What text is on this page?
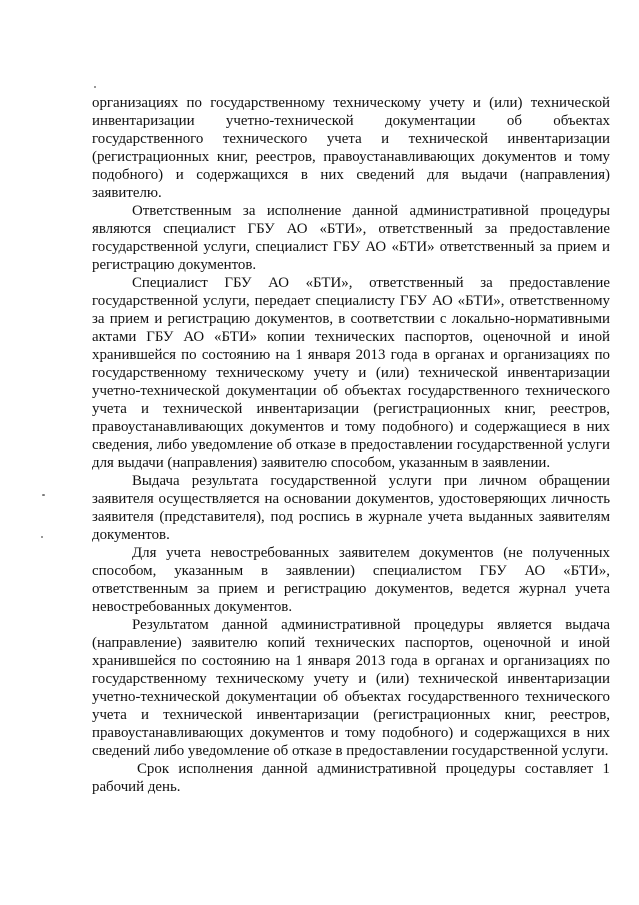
организациях по государственному техническому учету и (или) технической инвентаризации учетно-технической документации об объектах государственного технического учета и технической инвентаризации (регистрационных книг, реестров, правоустанавливающих документов и тому подобного) и содержащихся в них сведений для выдачи (направления) заявителю.

Ответственным за исполнение данной административной процедуры являются специалист ГБУ АО «БТИ», ответственный за предоставление государственной услуги, специалист ГБУ АО «БТИ» ответственный за прием и регистрацию документов.

Специалист ГБУ АО «БТИ», ответственный за предоставление государственной услуги, передает специалисту ГБУ АО «БТИ», ответственному за прием и регистрацию документов, в соответствии с локально-нормативными актами ГБУ АО «БТИ» копии технических паспортов, оценочной и иной хранившейся по состоянию на 1 января 2013 года в органах и организациях по государственному техническому учету и (или) технической инвентаризации учетно-технической документации об объектах государственного технического учета и технической инвентаризации (регистрационных книг, реестров, правоустанавливающих документов и тому подобного) и содержащиеся в них сведения, либо уведомление об отказе в предоставлении государственной услуги для выдачи (направления) заявителю способом, указанным в заявлении.

Выдача результата государственной услуги при личном обращении заявителя осуществляется на основании документов, удостоверяющих личность заявителя (представителя), под роспись в журнале учета выданных заявителям документов.

Для учета невостребованных заявителем документов (не полученных способом, указанным в заявлении) специалистом ГБУ АО «БТИ», ответственным за прием и регистрацию документов, ведется журнал учета невостребованных документов.

Результатом данной административной процедуры является выдача (направление) заявителю копий технических паспортов, оценочной и иной хранившейся по состоянию на 1 января 2013 года в органах и организациях по государственному техническому учету и (или) технической инвентаризации учетно-технической документации об объектах государственного технического учета и технической инвентаризации (регистрационных книг, реестров, правоустанавливающих документов и тому подобного) и содержащихся в них сведений либо уведомление об отказе в предоставлении государственной услуги.

Срок исполнения данной административной процедуры составляет 1 рабочий день.
